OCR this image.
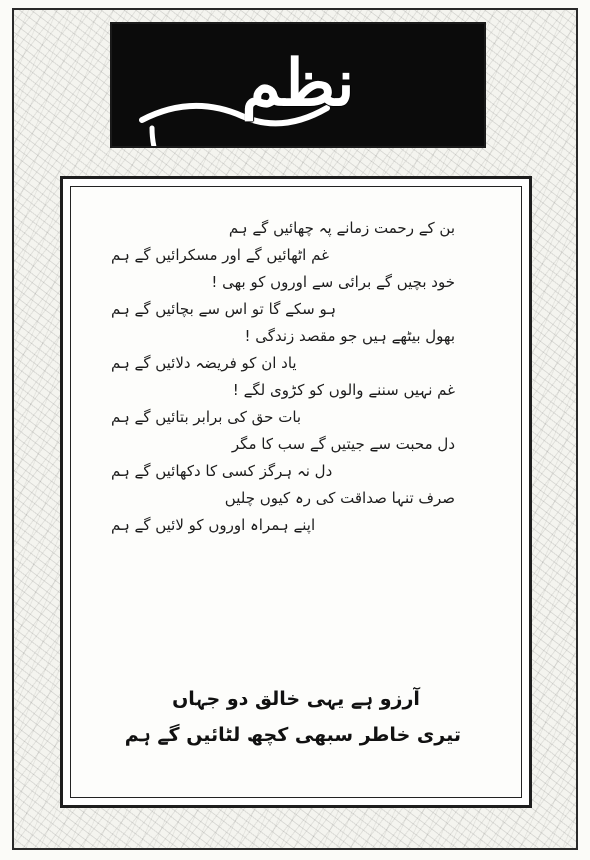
نظم
بن کے رحمت زمانے پہ چھائیں گے ہم
غم اٹھائیں گے اور مسکرائیں گے ہم
خود بچیں گے برائی سے اوروں کو بھی !
ہو سکے گا تو اس سے بچائیں گے ہم
بھول بیٹھے ہیں جو مقصد زندگی !
یاد ان کو فریضہ دلائیں گے ہم
غم نہیں سننے والوں کو کڑوی لگے !
بات حق کی برابر بتائیں گے ہم
دل محبت سے جیتیں گے سب کا مگر
دل نہ ہرگز کسی کا دکھائیں گے ہم
صرف تنہا صداقت کی رہ کیوں چلیں
اپنے ہمراہ اوروں کو لائیں گے ہم
آرزو ہے یہی خالق دو جہاں
تیری خاطر سبھی کچھ لٹائیں گے ہم
